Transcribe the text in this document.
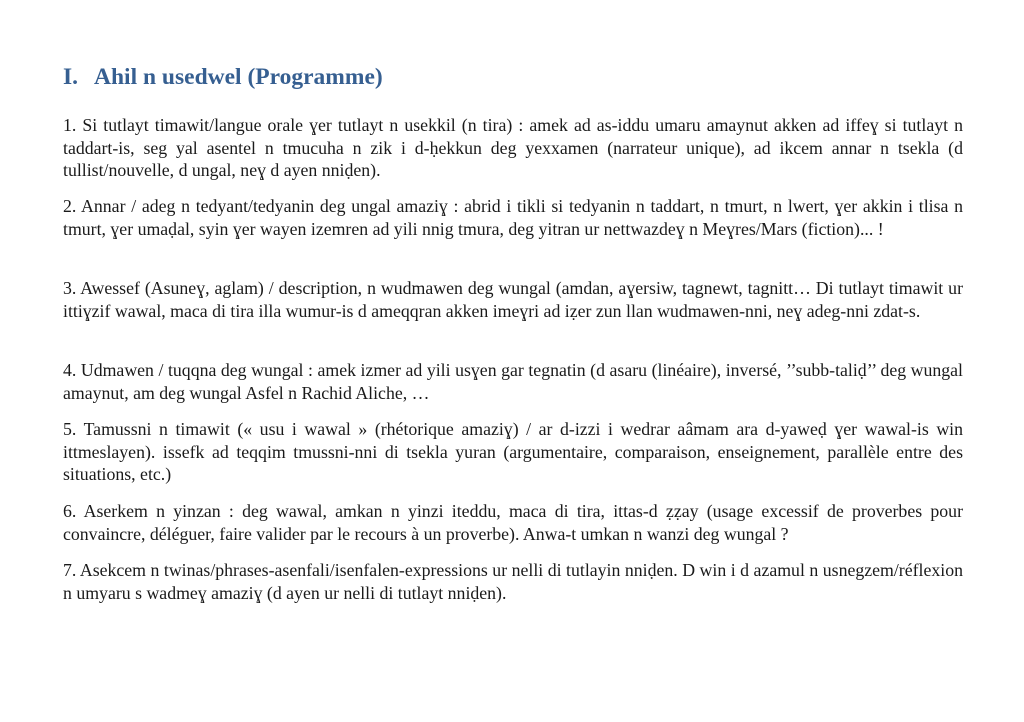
I. Ahil n usedwel (Programme)

1. Si tutlayt timawit/langue orale ɣer tutlayt n usekkil (n tira) : amek ad as-iddu umaru amaynut akken ad iffeɣ si tutlayt n taddart-is, seg yal asentel n tmucuha n zik i d-ḥekkun deg yexxamen (narrateur unique), ad ikcem annar n tsekla (d tullist/nouvelle, d ungal, neɣ d ayen nniḍen).

2. Annar / adeg n tedyant/tedyanin deg ungal amaziɣ : abrid i tikli si tedyanin n taddart, n tmurt, n lwert, ɣer akkin i tlisa n tmurt, ɣer umaḍal, syin ɣer wayen izemren ad yili nnig tmura, deg yitran ur nettwazdeɣ n Meɣres/Mars (fiction)... !

3. Awessef (Asuneɣ, aglam) / description, n wudmawen deg wungal (amdan, aɣersiw, tagnewt, tagnitt… Di tutlayt timawit ur ittiɣzif wawal, maca di tira illa wumur-is d ameqqran akken imeɣri ad iẓer zun llan wudmawen-nni, neɣ adeg-nni zdat-s.

4. Udmawen / tuqqna deg wungal : amek izmer ad yili usɣen gar tegnatin (d asaru (linéaire), inversé, ’’subb-taliḍ’’ deg wungal amaynut, am deg wungal Asfel n Rachid Aliche, …

5. Tamussni n timawit (« usu i wawal » (rhétorique amaziɣ) / ar d-izzi i wedrar aâmam ara d-yaweḍ ɣer wawal-is win ittmeslayen). issefk ad teqqim tmussni-nni di tsekla yuran (argumentaire, comparaison, enseignement, parallèle entre des situations, etc.)

6. Aserkem n yinzan : deg wawal, amkan n yinzi iteddu, maca di tira, ittas-d ẓẓay (usage excessif de proverbes pour convaincre, déléguer, faire valider par le recours à un proverbe). Anwa-t umkan n wanzi deg wungal ?

7. Asekcem n twinas/phrases-asenfali/isenfalen-expressions ur nelli di tutlayin nniḍen. D win i d azamul n usnegzem/réflexion n umyaru s wadmeɣ amaziɣ (d ayen ur nelli di tutlayt nniḍen).
